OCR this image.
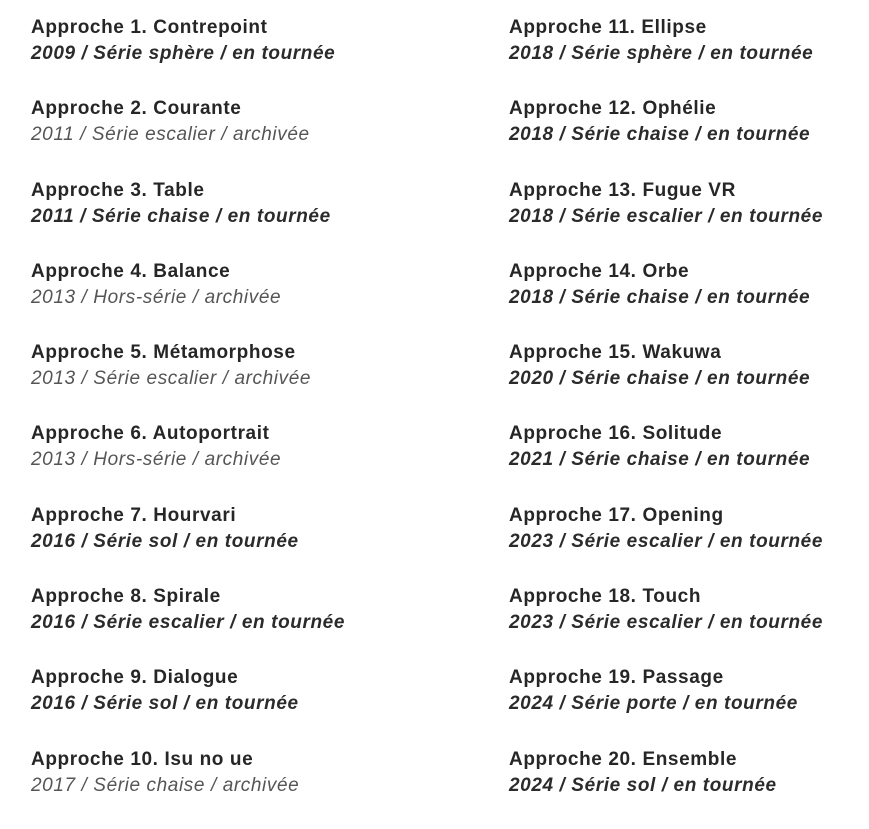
Approche 1. Contrepoint
2009 / Série sphère / en tournée
Approche 2. Courante
2011 / Série escalier / archivée
Approche 3. Table
2011 / Série chaise / en tournée
Approche 4. Balance
2013 / Hors-série / archivée
Approche 5. Métamorphose
2013 / Série escalier / archivée
Approche 6. Autoportrait
2013 / Hors-série / archivée
Approche 7. Hourvari
2016 / Série sol / en tournée
Approche 8. Spirale
2016 / Série escalier / en tournée
Approche 9. Dialogue
2016 / Série sol / en tournée
Approche 10. Isu no ue
2017 / Série chaise / archivée
Approche 11. Ellipse
2018 / Série sphère / en tournée
Approche 12. Ophélie
2018 / Série chaise / en tournée
Approche 13. Fugue VR
2018 / Série escalier / en tournée
Approche 14. Orbe
2018 / Série chaise / en tournée
Approche 15. Wakuwa
2020 / Série chaise / en tournée
Approche 16. Solitude
2021 / Série chaise / en tournée
Approche 17. Opening
2023 / Série escalier / en tournée
Approche 18. Touch
2023 / Série escalier / en tournée
Approche 19. Passage
2024 / Série porte / en tournée
Approche 20. Ensemble
2024 / Série sol / en tournée
